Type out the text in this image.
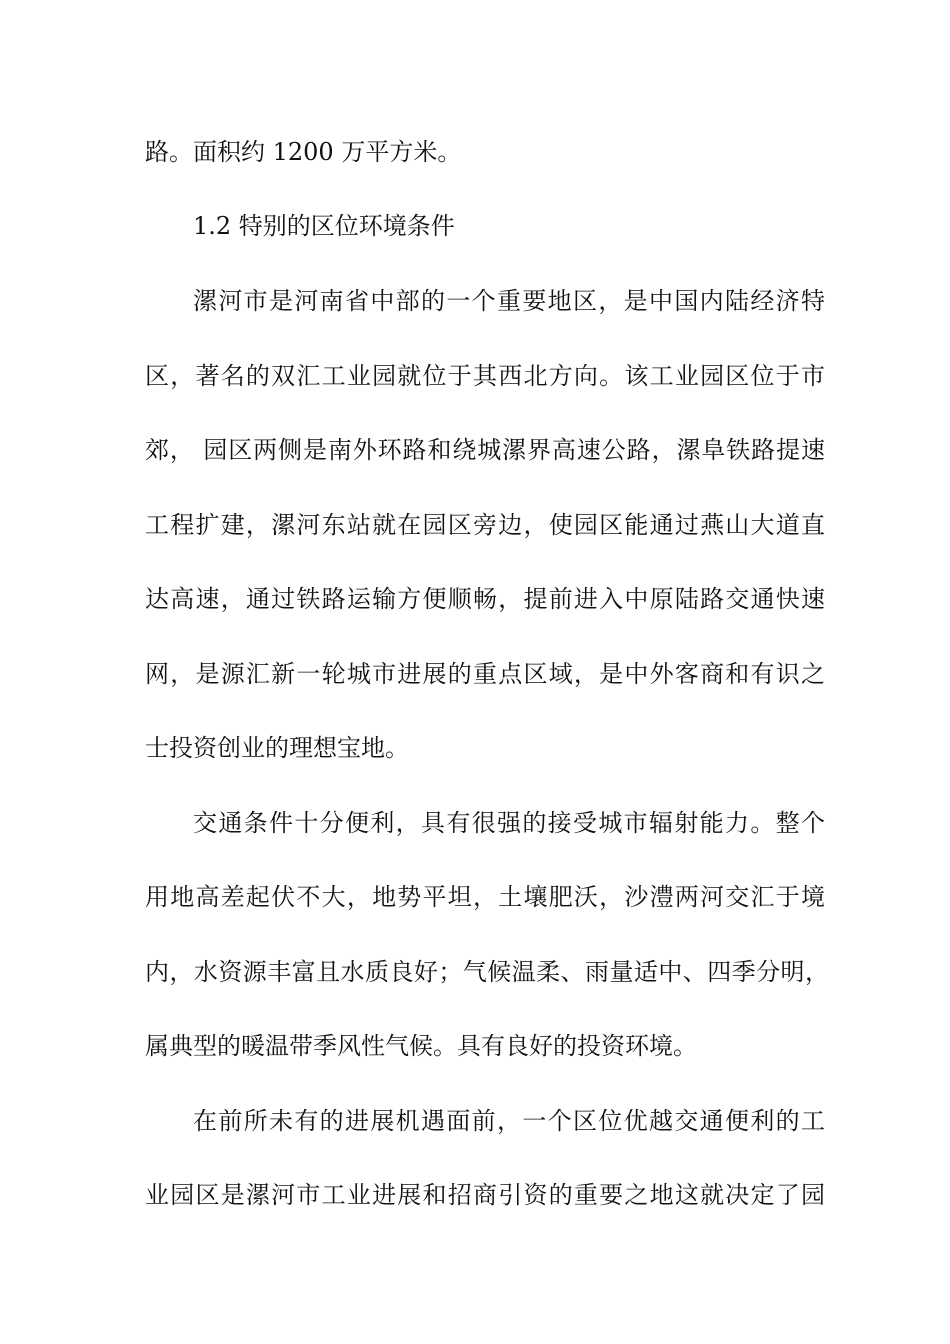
路。面积约 1200 万平方米。
1.2 特别的区位环境条件
漯河市是河南省中部的一个重要地区，是中国内陆经济特
区，著名的双汇工业园就位于其西北方向。该工业园区位于市
郊， 园区两侧是南外环路和绕城漯界高速公路，漯阜铁路提速
工程扩建，漯河东站就在园区旁边，使园区能通过燕山大道直
达高速，通过铁路运输方便顺畅，提前进入中原陆路交通快速
网，是源汇新一轮城市进展的重点区域，是中外客商和有识之
士投资创业的理想宝地。
交通条件十分便利，具有很强的接受城市辐射能力。整个
用地高差起伏不大，地势平坦，土壤肥沃，沙澧两河交汇于境
内，水资源丰富且水质良好；气候温柔、雨量适中、四季分明，
属典型的暖温带季风性气候。具有良好的投资环境。
在前所未有的进展机遇面前，一个区位优越交通便利的工
业园区是漯河市工业进展和招商引资的重要之地这就决定了园
